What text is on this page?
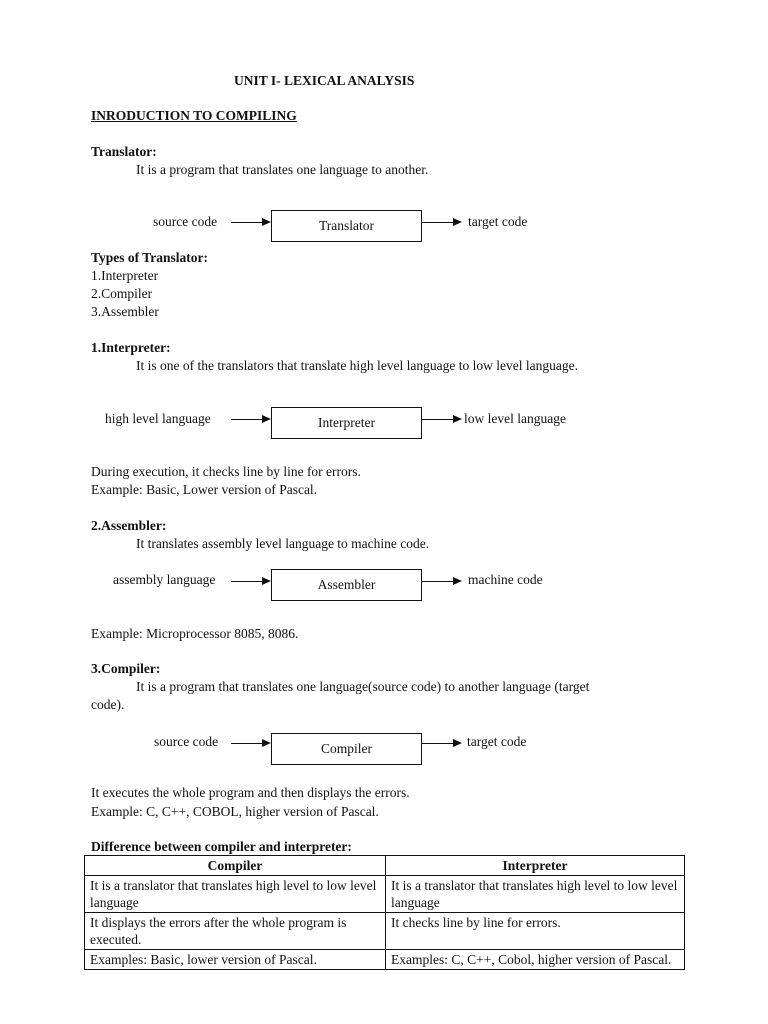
UNIT I- LEXICAL ANALYSIS
INRODUCTION TO COMPILING
Translator:
It is a program that translates one language to another.
source code	Translator	target code
Types of Translator:
1.Interpreter
2.Compiler
3.Assembler
1.Interpreter:
It is one of the translators that translate high level language to low level language.
high level language	Interpreter	low level language
During execution, it checks line by line for errors.
Example: Basic, Lower version of Pascal.
2.Assembler:
It translates assembly level language to machine code.
assembly language	Assembler	machine code
Example: Microprocessor 8085, 8086.
3.Compiler:
It is a program that translates one language(source code) to another language (target
code).
source code	Compiler	target code
It executes the whole program and then displays the errors.
Example: C, C++, COBOL, higher version of Pascal.
Difference between compiler and interpreter:
Compiler	Interpreter
It is a translator that translates high level to low level language	It is a translator that translates high level to low level language
It displays the errors after the whole program is executed.	It checks line by line for errors.
Examples: Basic, lower version of Pascal.	Examples: C, C++, Cobol, higher version of Pascal.
